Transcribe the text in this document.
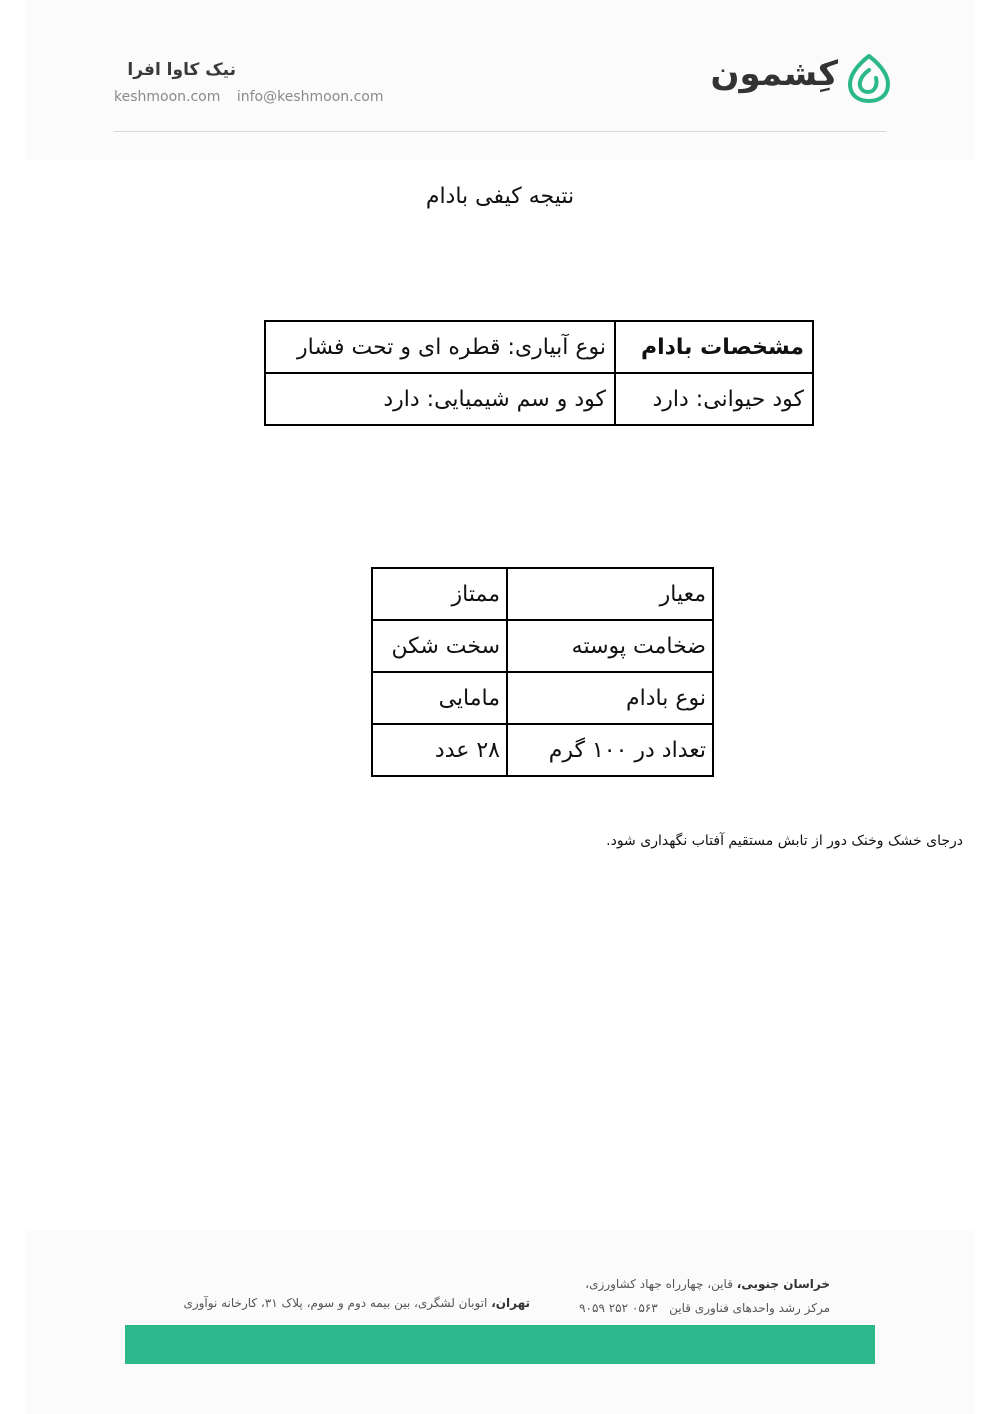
نیک کاوا افرا
keshmoon.com info@keshmoon.com
کِشمون
نتیجه کیفی بادام
مشخصات بادام	نوع آبیاری: قطره ای و تحت فشار
کود حیوانی: دارد	کود و سم شیمیایی: دارد
معیار	ممتاز
ضخامت پوسته	سخت شکن
نوع بادام	مامایی
تعداد در ۱۰۰ گرم	۲۸ عدد
درجای خشک وخنک دور از تابش مستقیم آفتاب نگهداری شود.
خراسان جنوبی، قاین، چهارراه جهاد کشاورزی،
مرکز رشد واحدهای فناوری قاین   ۰۵۶۳ ۲۵۲ ۹۰۵۹
تهران، اتوبان لشگری، بین بیمه دوم و سوم، پلاک ۳۱، کارخانه نوآوری
